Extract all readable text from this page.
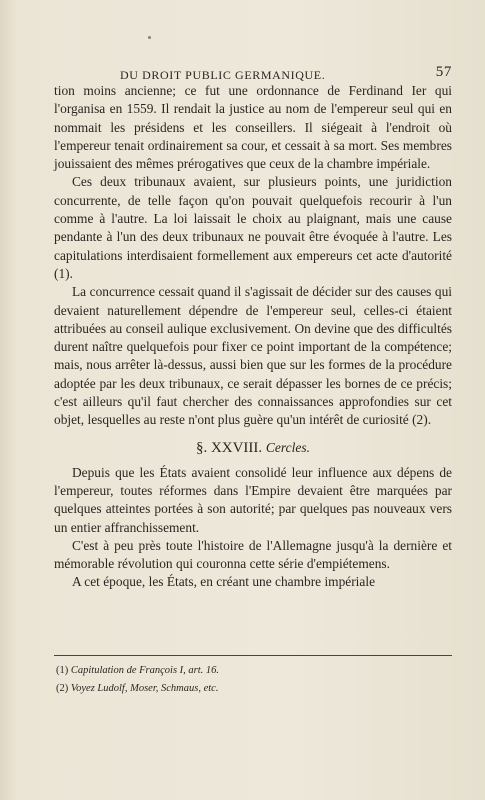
DU DROIT PUBLIC GERMANIQUE.	57

tion moins ancienne; ce fut une ordonnance de Ferdinand Ier qui l'organisa en 1559. Il rendait la justice au nom de l'empereur seul qui en nommait les présidens et les conseillers. Il siégeait à l'endroit où l'empereur tenait ordinairement sa cour, et cessait à sa mort. Ses membres jouissaient des mêmes prérogatives que ceux de la chambre impériale.

Ces deux tribunaux avaient, sur plusieurs points, une juridiction concurrente, de telle façon qu'on pouvait quelquefois recourir à l'un comme à l'autre. La loi laissait le choix au plaignant, mais une cause pendante à l'un des deux tribunaux ne pouvait être évoquée à l'autre. Les capitulations interdisaient formellement aux empereurs cet acte d'autorité (1).

La concurrence cessait quand il s'agissait de décider sur des causes qui devaient naturellement dépendre de l'empereur seul, celles-ci étaient attribuées au conseil aulique exclusivement. On devine que des difficultés durent naître quelquefois pour fixer ce point important de la compétence; mais, nous arrêter là-dessus, aussi bien que sur les formes de la procédure adoptée par les deux tribunaux, ce serait dépasser les bornes de ce précis; c'est ailleurs qu'il faut chercher des connaissances approfondies sur cet objet, lesquelles au reste n'ont plus guère qu'un intérêt de curiosité (2).

§. XXVIII. Cercles.

Depuis que les États avaient consolidé leur influence aux dépens de l'empereur, toutes réformes dans l'Empire devaient être marquées par quelques atteintes portées à son autorité; par quelques pas nouveaux vers un entier affranchissement.

C'est à peu près toute l'histoire de l'Allemagne jusqu'à la dernière et mémorable révolution qui couronna cette série d'empiétemens.

A cet époque, les États, en créant une chambre impériale

(1) Capitulation de François I, art. 16.
(2) Voyez Ludolf, Moser, Schmaus, etc.
